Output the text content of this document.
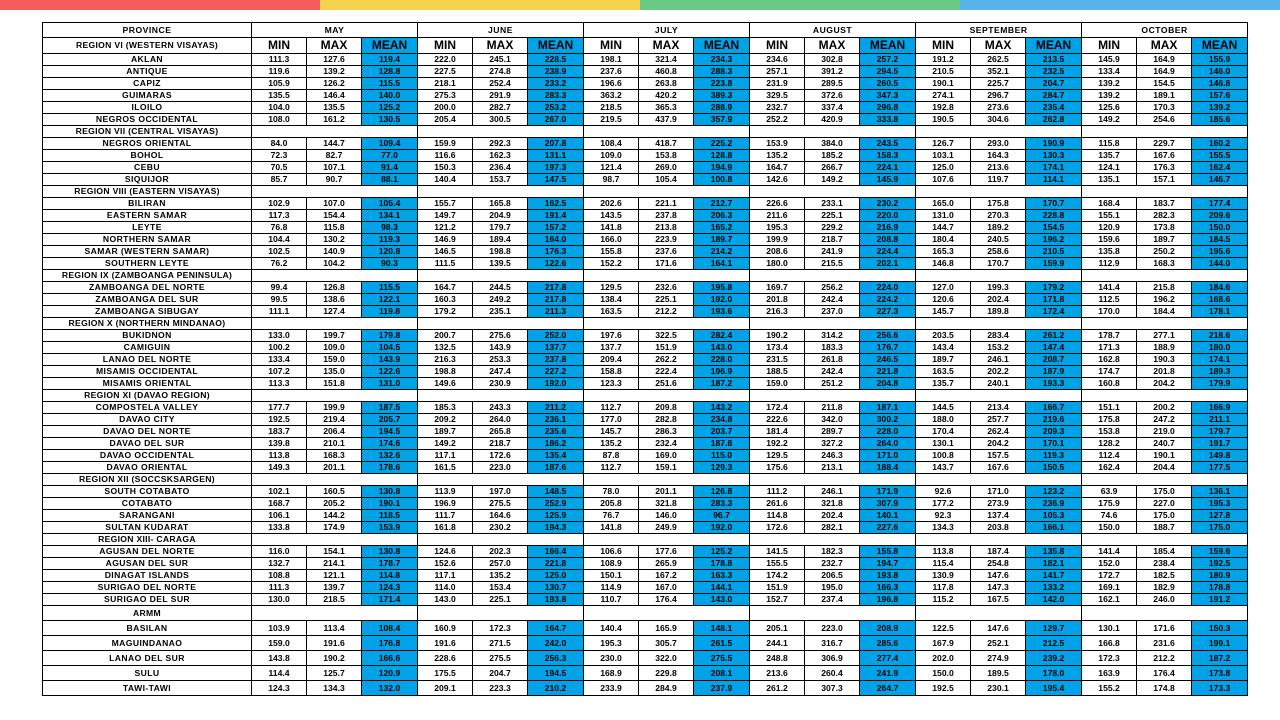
PROVINCE	MAY			JUNE			JULY			AUGUST			SEPTEMBER			OCTOBER		
REGION VI (WESTERN VISAYAS)	MIN	MAX	MEAN	MIN	MAX	MEAN	MIN	MAX	MEAN	MIN	MAX	MEAN	MIN	MAX	MEAN	MIN	MAX	MEAN
AKLAN	111.3	127.6	119.4	222.0	245.1	228.5	198.1	321.4	234.3	234.6	302.8	257.2	191.2	262.5	213.5	145.9	164.9	155.9
ANTIQUE	119.6	139.2	128.8	227.5	274.8	238.9	237.6	460.8	288.3	257.1	391.2	294.5	210.5	352.1	232.5	133.4	164.9	146.0
CAPIZ	105.9	126.2	115.5	218.1	252.4	233.2	196.6	263.8	223.8	231.9	289.5	260.5	190.1	225.7	204.7	139.2	154.5	146.8
GUIMARAS	135.5	146.4	140.0	275.3	291.9	283.3	363.2	420.2	389.3	329.5	372.6	347.3	274.1	296.7	284.7	139.2	189.1	157.6
ILOILO	104.0	135.5	125.2	200.0	282.7	253.2	218.5	365.3	288.9	232.7	337.4	296.8	192.8	273.6	235.4	125.6	170.3	139.2
NEGROS OCCIDENTAL	108.0	161.2	130.5	205.4	300.5	267.0	219.5	437.9	357.9	252.2	420.9	333.8	190.5	304.6	262.8	149.2	254.6	185.6
REGION VII (CENTRAL VISAYAS)																		
NEGROS ORIENTAL	84.0	144.7	109.4	159.9	292.3	207.8	108.4	418.7	225.2	153.9	384.0	243.5	126.7	293.0	190.9	115.8	229.7	160.2
BOHOL	72.3	82.7	77.0	116.6	162.3	131.1	109.0	153.8	128.8	135.2	185.2	158.3	103.1	164.3	130.3	135.7	167.6	155.5
CEBU	70.5	107.1	91.4	150.3	236.4	197.3	121.4	269.0	194.9	164.7	266.7	224.1	125.0	213.6	174.1	124.1	176.3	162.4
SIQUIJOR	85.7	90.7	88.1	140.4	153.7	147.5	98.7	105.4	100.8	142.6	149.2	145.9	107.6	119.7	114.1	135.1	157.1	146.7
REGION VIII (EASTERN VISAYAS)																		
BILIRAN	102.9	107.0	105.4	155.7	165.8	162.5	202.6	221.1	212.7	226.6	233.1	230.2	165.0	175.8	170.7	168.4	183.7	177.4
EASTERN SAMAR	117.3	154.4	134.1	149.7	204.9	191.4	143.5	237.8	206.3	211.6	225.1	220.0	131.0	270.3	228.8	155.1	282.3	209.6
LEYTE	76.8	115.8	98.3	121.2	179.7	157.2	141.8	213.8	165.2	195.3	229.2	216.9	144.7	189.2	154.5	120.9	173.8	150.0
NORTHERN SAMAR	104.4	130.2	119.3	146.9	189.4	164.0	166.0	223.9	189.7	199.9	218.7	208.8	180.4	240.5	196.2	159.6	189.7	184.5
SAMAR (WESTERN SAMAR)	102.5	140.9	120.8	146.5	198.8	176.3	155.8	237.6	214.2	208.6	241.9	224.4	165.3	258.6	210.5	135.8	250.2	195.6
SOUTHERN LEYTE	76.2	104.2	90.3	111.5	139.5	122.6	152.2	171.6	164.1	180.0	215.5	202.1	146.8	170.7	159.9	112.9	168.3	144.0
REGION IX (ZAMBOANGA PENINSULA)																		
ZAMBOANGA DEL NORTE	99.4	126.8	115.5	164.7	244.5	217.8	129.5	232.6	195.8	169.7	256.2	224.0	127.0	199.3	179.2	141.4	215.8	184.6
ZAMBOANGA DEL SUR	99.5	138.6	122.1	160.3	249.2	217.8	138.4	225.1	192.0	201.8	242.4	224.2	120.6	202.4	171.8	112.5	196.2	168.6
ZAMBOANGA SIBUGAY	111.1	127.4	119.8	179.2	235.1	211.3	163.5	212.2	193.6	216.3	237.0	227.3	145.7	189.8	172.4	170.0	184.4	178.1
REGION X (NORTHERN MINDANAO)																		
BUKIDNON	133.0	199.7	179.8	200.7	275.6	252.0	197.6	322.5	282.4	190.2	314.2	256.6	203.5	283.4	261.2	178.7	277.1	218.6
CAMIGUIN	100.2	109.0	104.5	132.5	143.9	137.7	137.7	151.9	143.0	173.4	183.3	176.7	143.4	153.2	147.4	171.3	188.9	180.0
LANAO DEL NORTE	133.4	159.0	143.9	216.3	253.3	237.8	209.4	262.2	228.0	231.5	261.8	246.5	189.7	246.1	208.7	162.8	190.3	174.1
MISAMIS OCCIDENTAL	107.2	135.0	122.6	198.8	247.4	227.2	158.8	222.4	196.9	188.5	242.4	221.8	163.5	202.2	187.9	174.7	201.8	189.3
MISAMIS ORIENTAL	113.3	151.8	131.0	149.6	230.9	192.0	123.3	251.6	187.2	159.0	251.2	204.8	135.7	240.1	193.3	160.8	204.2	179.9
REGION XI (DAVAO REGION)																		
COMPOSTELA VALLEY	177.7	199.9	187.5	185.3	243.3	211.2	112.7	209.8	143.2	172.4	211.8	187.1	144.5	213.4	166.7	151.1	200.2	166.9
DAVAO CITY	192.5	219.4	205.7	209.2	264.0	236.1	177.0	282.8	234.8	222.6	342.0	300.2	188.0	257.7	219.6	175.8	247.2	211.1
DAVAO DEL NORTE	183.7	206.4	194.5	189.7	265.8	235.6	145.7	286.3	203.7	181.4	289.7	228.0	170.4	262.4	209.3	153.8	219.0	179.7
DAVAO DEL SUR	139.8	210.1	174.6	149.2	218.7	186.2	135.2	232.4	187.8	192.2	327.2	264.0	130.1	204.2	170.1	128.2	240.7	191.7
DAVAO OCCIDENTAL	113.8	168.3	132.6	117.1	172.6	135.4	87.8	169.0	115.0	129.5	246.3	171.0	100.8	157.5	119.3	112.4	190.1	149.8
DAVAO ORIENTAL	149.3	201.1	178.6	161.5	223.0	187.6	112.7	159.1	129.3	175.6	213.1	188.4	143.7	167.6	150.5	162.4	204.4	177.5
REGION XII (SOCCSKSARGEN)																		
SOUTH COTABATO	102.1	160.5	130.8	113.9	197.0	148.5	78.0	201.1	126.8	111.2	246.1	171.9	92.6	171.0	123.2	63.9	175.0	136.1
COTABATO	168.7	205.2	190.1	196.9	275.5	252.9	205.8	321.8	283.3	261.6	321.8	307.9	177.2	273.9	236.9	175.9	227.0	195.3
SARANGANI	106.1	144.2	118.5	111.7	164.6	125.9	76.7	146.0	96.7	114.8	202.4	140.1	92.3	137.4	105.3	74.6	175.0	127.8
SULTAN KUDARAT	133.8	174.9	153.9	161.8	230.2	194.3	141.8	249.9	192.0	172.6	282.1	227.6	134.3	203.8	166.1	150.0	188.7	175.0
REGION XIII- CARAGA																		
AGUSAN DEL NORTE	116.0	154.1	130.8	124.6	202.3	166.4	106.6	177.6	125.2	141.5	182.3	155.8	113.8	187.4	135.8	141.4	185.4	159.6
AGUSAN DEL SUR	132.7	214.1	178.7	152.6	257.0	221.8	108.9	265.9	178.8	155.5	232.7	194.7	115.4	254.8	182.1	152.0	238.4	192.5
DINAGAT ISLANDS	108.8	121.1	114.8	117.1	135.2	125.0	150.1	167.2	163.3	174.2	206.5	193.8	130.9	147.6	141.7	172.7	182.5	180.9
SURIGAO DEL NORTE	111.3	139.7	124.3	114.0	153.4	130.7	114.9	167.0	144.1	151.9	195.0	166.3	117.8	147.3	133.2	169.1	182.9	178.8
SURIGAO DEL SUR	130.0	218.5	171.4	143.0	225.1	193.8	110.7	176.4	143.0	152.7	237.4	196.8	115.2	167.5	142.0	162.1	246.0	191.2
ARMM																		
BASILAN	103.9	113.4	108.4	160.9	172.3	164.7	140.4	165.9	148.1	205.1	223.0	208.9	122.5	147.6	129.7	130.1	171.6	150.3
MAGUINDANAO	159.0	191.6	176.8	191.6	271.5	242.0	195.3	305.7	261.5	244.1	316.7	285.6	167.9	252.1	212.5	166.8	231.6	199.1
LANAO DEL SUR	143.8	190.2	166.6	228.6	275.5	256.3	230.0	322.0	275.5	248.8	306.9	277.4	202.0	274.9	239.2	172.3	212.2	187.2
SULU	114.4	125.7	120.9	175.5	204.7	194.5	168.9	229.8	208.1	213.6	260.4	241.9	150.0	189.5	178.0	163.9	176.4	173.8
TAWI-TAWI	124.3	134.3	132.0	209.1	223.3	210.2	233.9	284.9	237.9	261.2	307.3	264.7	192.5	230.1	195.4	155.2	174.8	173.3
